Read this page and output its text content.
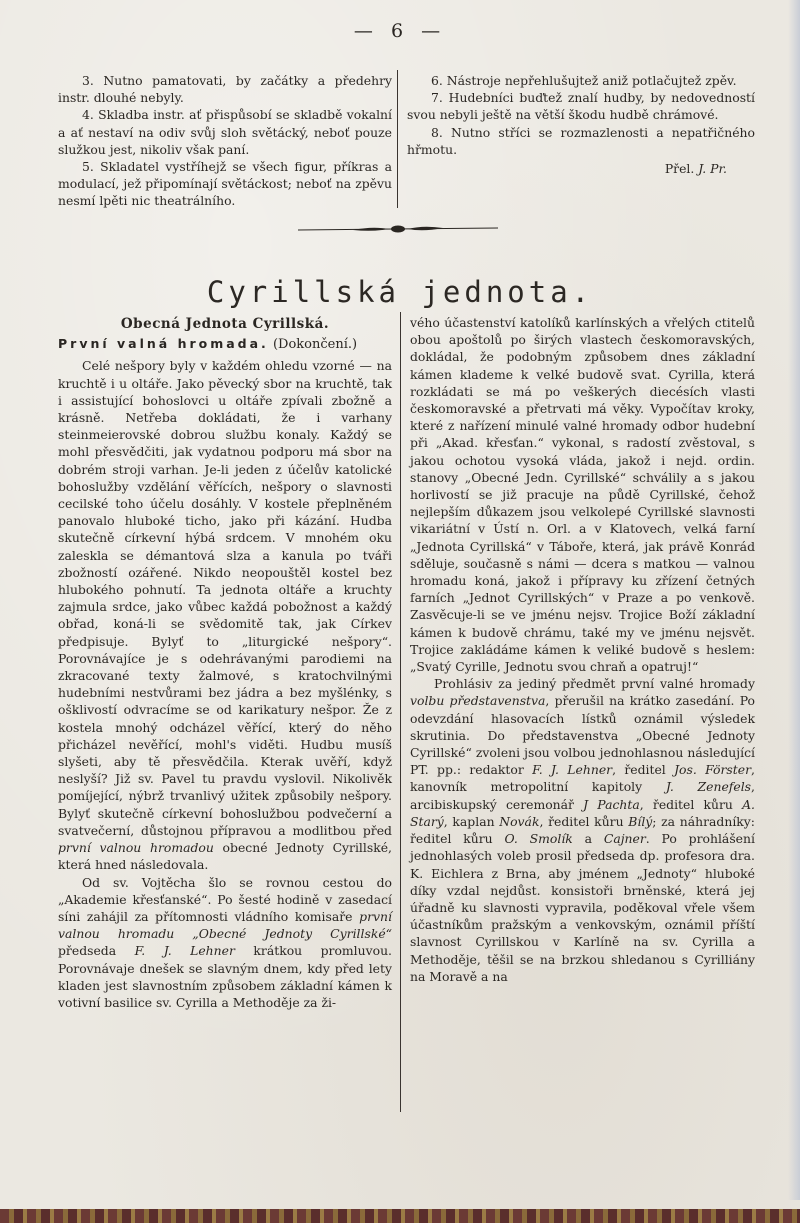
— 6 —

3. Nutno pamatovati, by začátky a předehry instr. dlouhé nebyly.

4. Skladba instr. ať přispůsobí se skladbě vokalní a ať nestaví na odiv svůj sloh světácký, neboť pouze služkou jest, nikoliv však paní.

5. Skladatel vystříhejž se všech figur, příkras a modulací, jež připomínají světáckost; neboť na zpěvu nesmí lpěti nic theatrálního.

6. Nástroje nepřehlušujtež aniž potlačujtež zpěv.

7. Hudebníci buďtež znalí hudby, by nedovedností svou nebyli ještě na větší škodu hudbě chrámové.

8. Nutno stříci se rozmazlenosti a nepatřičného hřmotu.

Přel. J. Pr.

Cyrillská jednota.

Obecná Jednota Cyrillská.

První valná hromada. (Dokončení.)

Celé nešpory byly v každém ohledu vzorné — na kruchtě i u oltáře. Jako pěvecký sbor na kruchtě, tak i assistující bohoslovci u oltáře zpívali zbožně a krásně. Netřeba dokládati, že i varhany steinmeierovské dobrou službu konaly. Každý se mohl přesvědčiti, jak vydatnou podporu má sbor na dobrém stroji varhan. Je-li jeden z účelův katolické bohoslužby vzdělání věřících, nešpory o slavnosti cecilské toho účelu dosáhly. V kostele přeplněném panovalo hluboké ticho, jako při kázání. Hudba skutečně církevní hýbá srdcem. V mnohém oku zaleskla se démantová slza a kanula po tváři zbožností ozářené. Nikdo neopouštěl kostel bez hlubokého pohnutí. Ta jednota oltáře a kruchty zajmula srdce, jako vůbec každá pobožnost a každý obřad, koná-li se svědomitě tak, jak Církev předpisuje. Bylyť to „liturgické nešpory“. Porovnávajíce je s odehrávanými parodiemi na zkracované texty žalmové, s kratochvilnými hudebními nestvůrami bez jádra a bez myšlénky, s ošklivostí odvracíme se od karikatury nešpor. Že z kostela mnohý odcházel věřící, který do něho přicházel nevěřící, mohl's viděti. Hudbu musíš slyšeti, aby tě přesvědčila. Kterak uvěří, když neslyší? Již sv. Pavel tu pravdu vyslovil. Nikolivěk pomíjející, nýbrž trvanlivý užitek způsobily nešpory. Bylyť skutečně církevní bohoslužbou podvečerní a svatvečerní, důstojnou přípravou a modlitbou před první valnou hromadou obecné Jednoty Cyrillské, která hned následovala.

Od sv. Vojtěcha šlo se rovnou cestou do „Akademie křesťanské“. Po šesté hodině v zasedací síni zahájil za přítomnosti vládního komisaře první valnou hromadu „Obecné Jednoty Cyrillské“ předseda F. J. Lehner krátkou promluvou. Porovnávaje dnešek se slavným dnem, kdy před lety kladen jest slavnostním způsobem základní kámen k votivní basilice sv. Cyrilla a Methoděje za ži-

vého účastenství katolíků karlínských a vřelých ctitelů obou apoštolů po širých vlastech českomoravských, dokládal, že podobným způsobem dnes základní kámen klademe k velké budově svat. Cyrilla, která rozkládati se má po veškerých diecésích vlasti českomoravské a přetrvati má věky. Vypočítav kroky, které z nařízení minulé valné hromady odbor hudební při „Akad. křesťan.“ vykonal, s radostí zvěstoval, s jakou ochotou vysoká vláda, jakož i nejd. ordin. stanovy „Obecné Jedn. Cyrillské“ schválily a s jakou horlivostí se již pracuje na půdě Cyrillské, čehož nejlepším důkazem jsou velkolepé Cyrillské slavnosti vikariátní v Ústí n. Orl. a v Klatovech, velká farní „Jednota Cyrillská“ v Táboře, která, jak právě Konrád sděluje, současně s námi — dcera s matkou — valnou hromadu koná, jakož i přípravy ku zřízení četných farních „Jednot Cyrillských“ v Praze a po venkově. Zasvěcuje-li se ve jménu nejsv. Trojice Boží základní kámen k budově chrámu, také my ve jménu nejsvět. Trojice zakládáme kámen k veliké budově s heslem: „Svatý Cyrille, Jednotu svou chraň a opatruj!“

Prohlásiv za jediný předmět první valné hromady volbu představenstva, přerušil na krátko zasedání. Po odevzdání hlasovacích lístků oznámil výsledek skrutinia. Do představenstva „Obecné Jednoty Cyrillské“ zvoleni jsou volbou jednohlasnou následující PT. pp.: redaktor F. J. Lehner, ředitel Jos. Förster, kanovník metropolitní kapitoly J. Zenefels, arcibiskupský ceremonář J Pachta, ředitel kůru A. Starý, kaplan Novák, ředitel kůru Bílý; za náhradníky: ředitel kůru O. Smolík a Cajner. Po prohlášení jednohlasých voleb prosil předseda dp. profesora dra. K. Eichlera z Brna, aby jménem „Jednoty“ hluboké díky vzdal nejdůst. konsistoři brněnské, která jej úřadně ku slavnosti vypravila, poděkoval vřele všem účastníkům pražským a venkovským, oznámil příští slavnost Cyrillskou v Karlíně na sv. Cyrilla a Methoděje, těšil se na brzkou shledanou s Cyrilliány na Moravě a na
